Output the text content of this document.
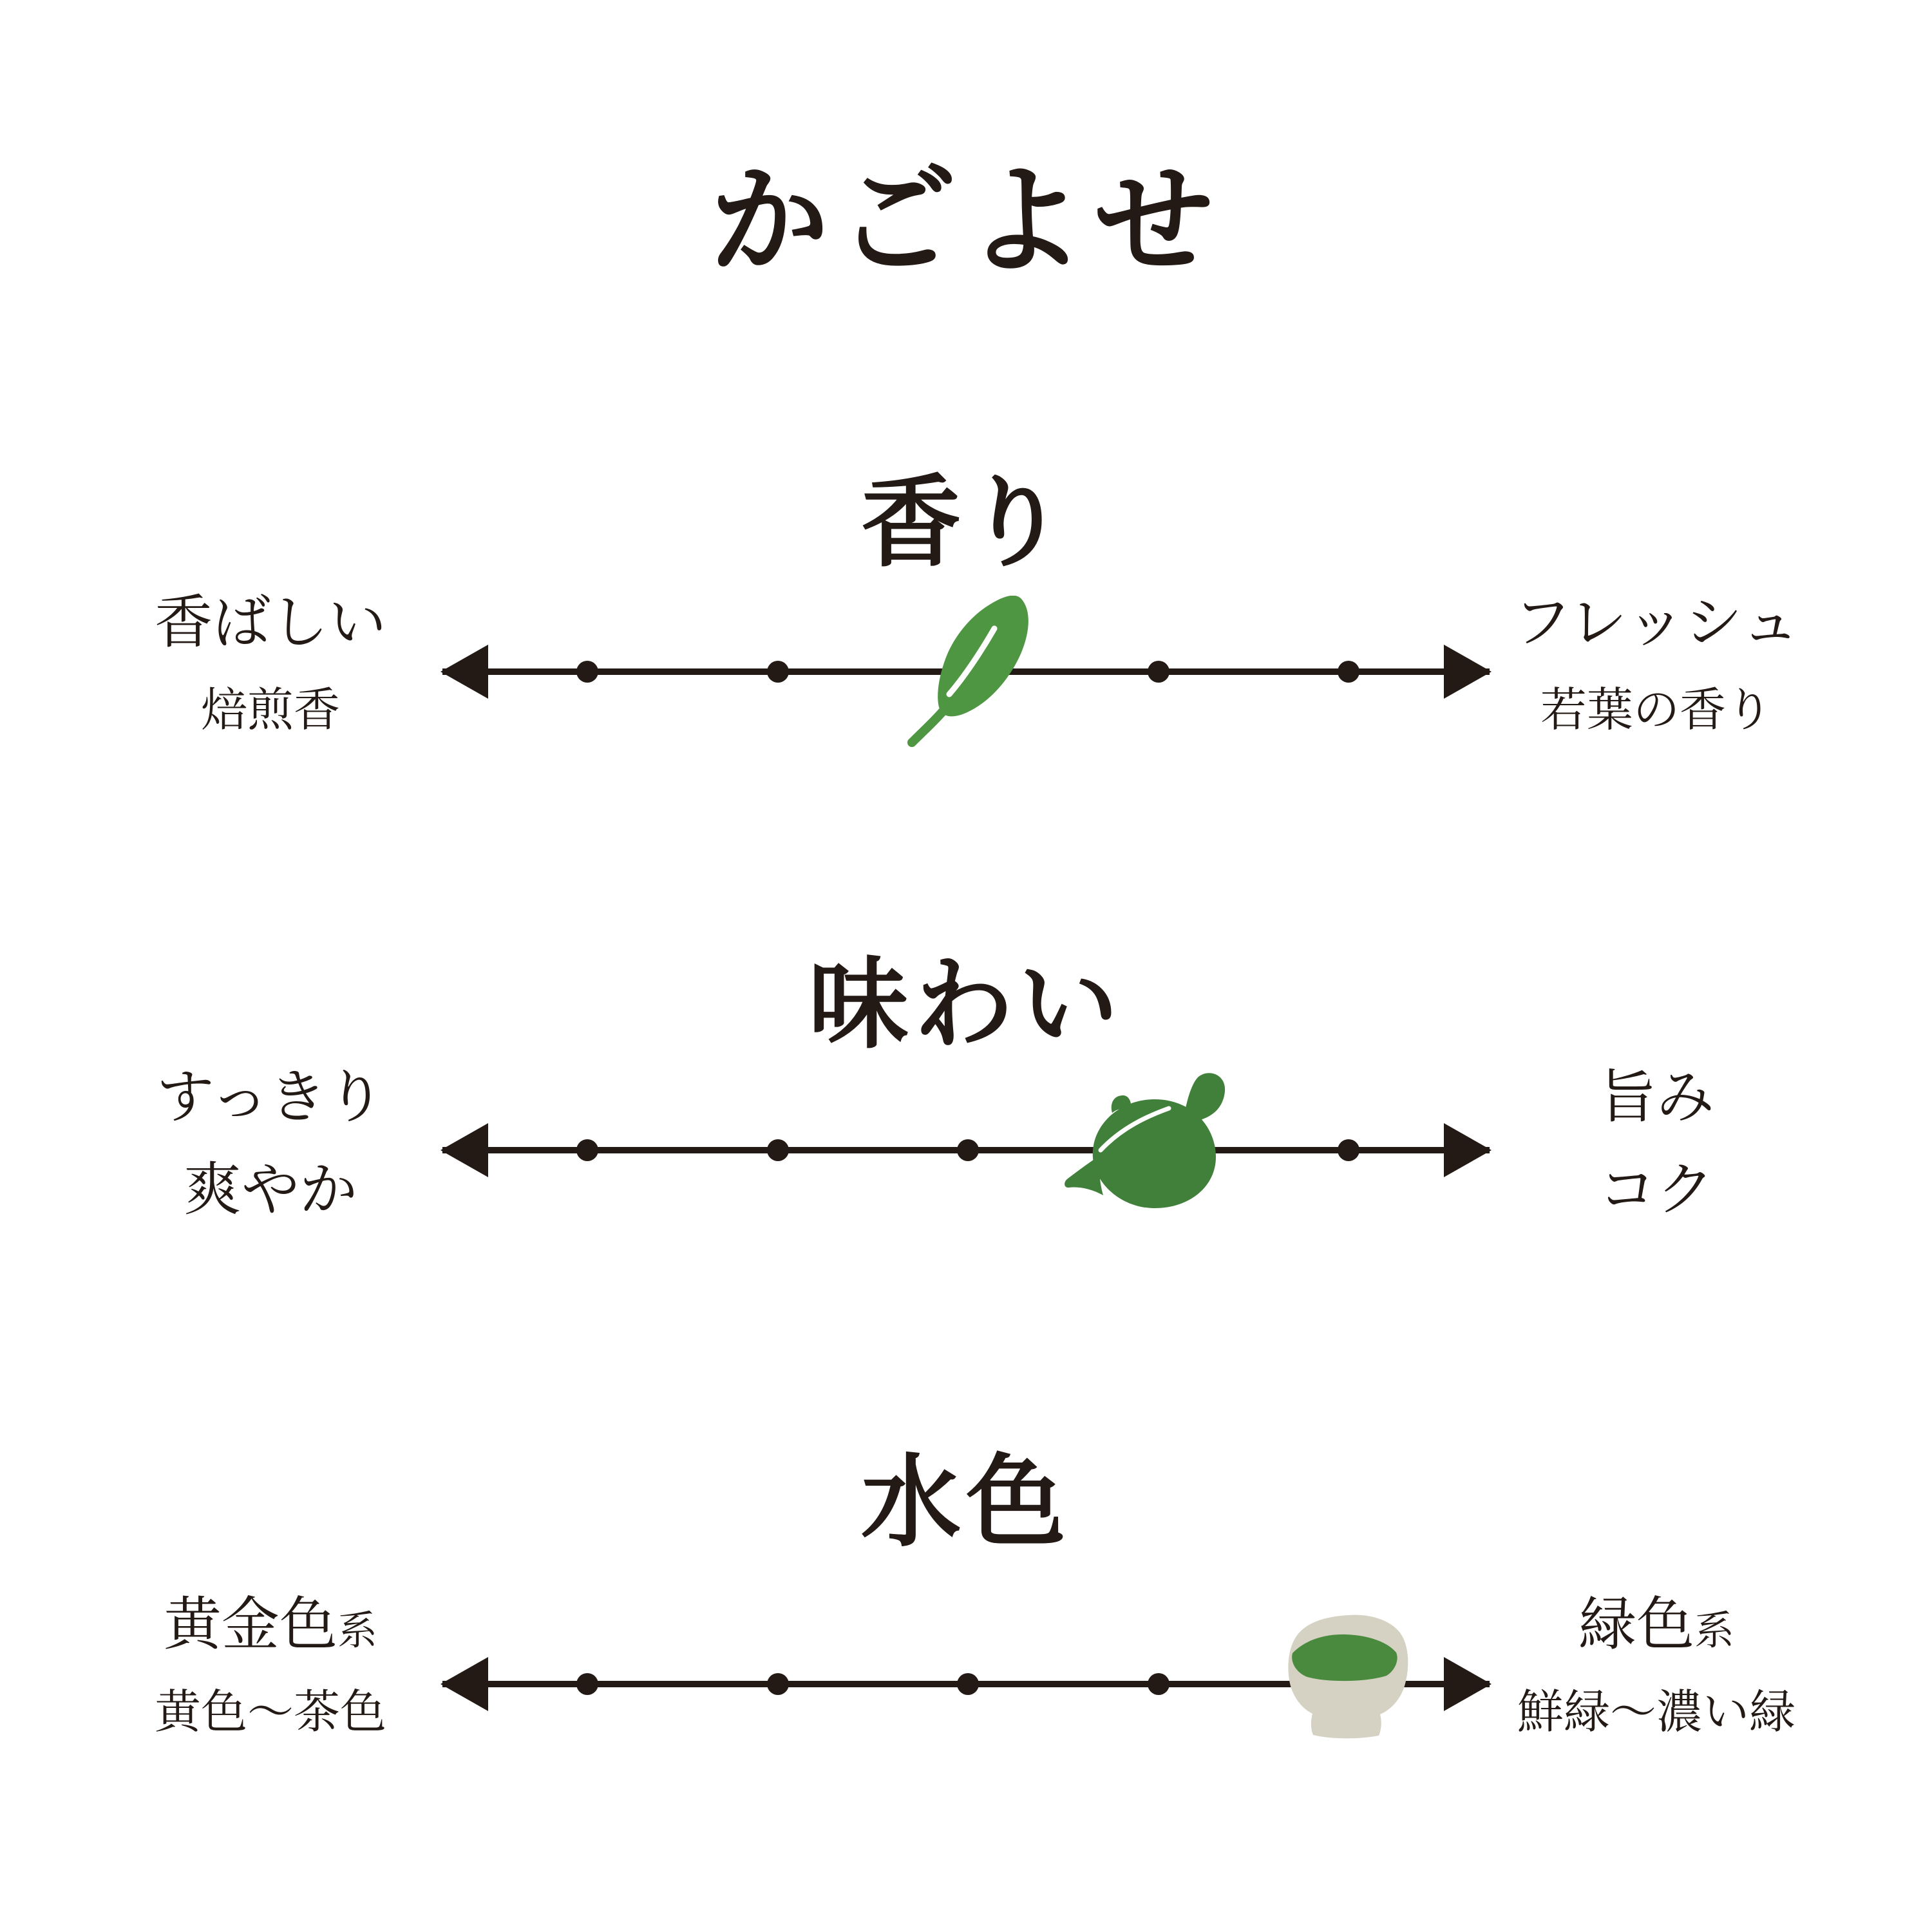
かごよせ
香り
香ばしい
焙煎香
フレッシュ
若葉の香り
味わい
すっきり
爽やか
旨み
コク
水色
黄金色 系
黄色〜茶色
緑色 系
鮮緑〜濃い緑
